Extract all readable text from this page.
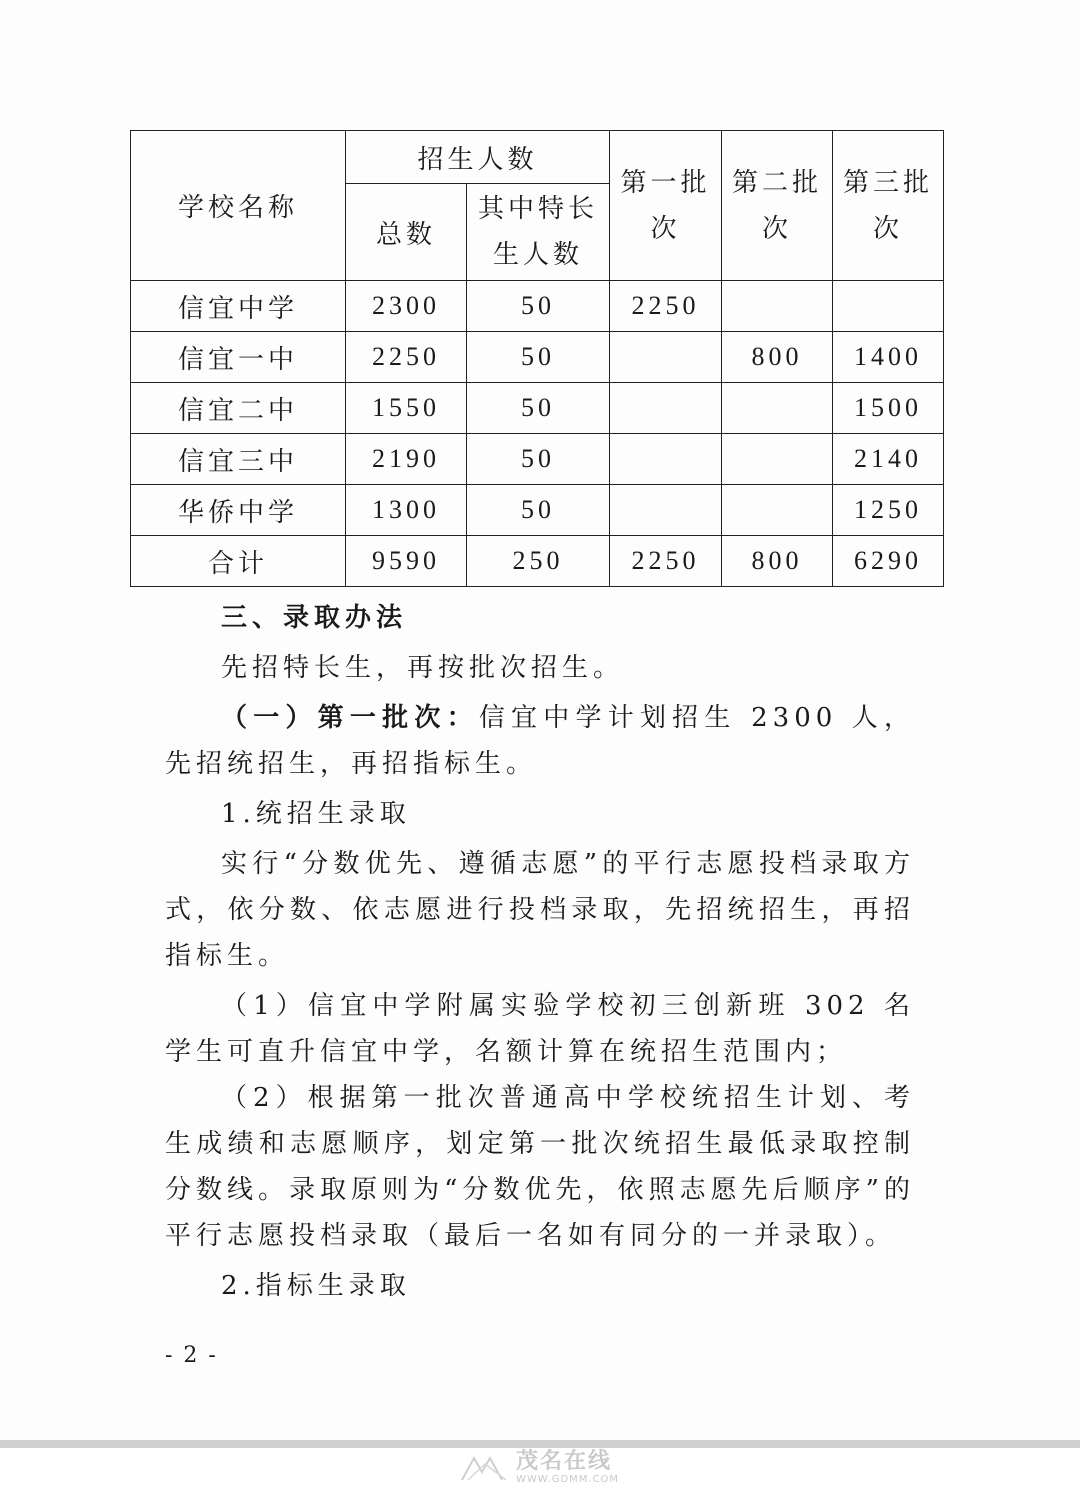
学校名称	招生人数		第一批次	第二批次	第三批次
	总数	其中特长生人数			
信宜中学	2300	50	2250		
信宜一中	2250	50		800	1400
信宜二中	1550	50			1500
信宜三中	2190	50			2140
华侨中学	1300	50			1250
合计	9590	250	2250	800	6290

三、录取办法

先招特长生，再按批次招生。

（一）第一批次：信宜中学计划招生 2300 人，先招统招生，再招指标生。

1.统招生录取

实行“分数优先、遵循志愿”的平行志愿投档录取方式，依分数、依志愿进行投档录取，先招统招生，再招指标生。

（1）信宜中学附属实验学校初三创新班 302 名学生可直升信宜中学，名额计算在统招生范围内；

（2）根据第一批次普通高中学校统招生计划、考生成绩和志愿顺序，划定第一批次统招生最低录取控制分数线。录取原则为“分数优先，依照志愿先后顺序”的平行志愿投档录取（最后一名如有同分的一并录取）。

2.指标生录取

- 2 -
茂名在线
WWW.GDMM.COM
